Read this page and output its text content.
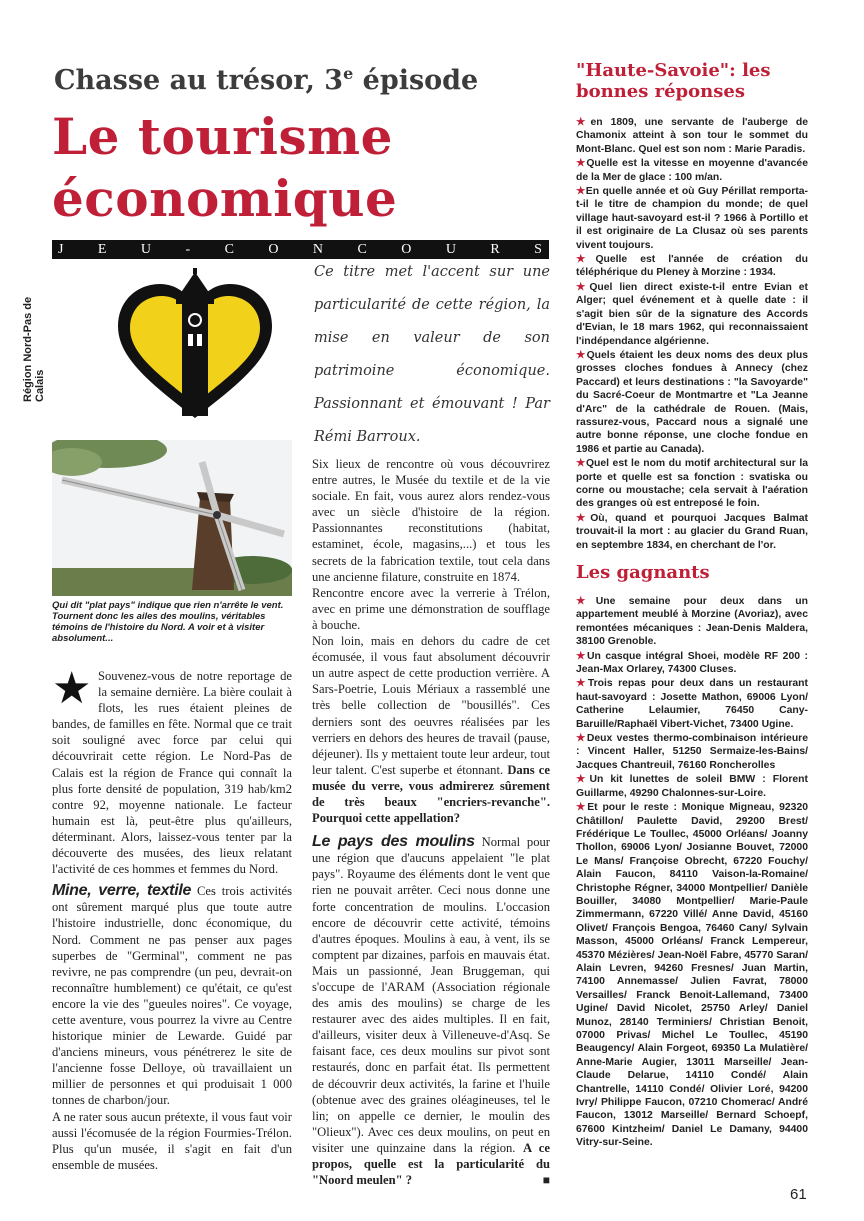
Chasse au trésor, 3e épisode
Le tourisme
économique
J E U - C O N C O U R S
Région Nord-Pas de Calais
Ce titre met l'accent sur une particularité de cette région, la mise en valeur de son patrimoine économique. Passionnant et émouvant ! Par Rémi Barroux.
Qui dit "plat pays" indique que rien n'arrête le vent. Tournent donc les ailes des moulins, véritables témoins de l'histoire du Nord. A voir et à visiter absolument...

★ Souvenez-vous de notre reportage de la semaine dernière. La bière coulait à flots, les rues étaient pleines de bandes, de familles en fête. Normal que ce trait soit souligné avec force par celui qui découvrirait cette région. Le Nord-Pas de Calais est la région de France qui connaît la plus forte densité de population, 319 hab/km2 contre 92, moyenne nationale. Le facteur humain est là, peut-être plus qu'ailleurs, déterminant. Alors, laissez-vous tenter par la découverte des musées, des lieux relatant l'activité de ces hommes et femmes du Nord.

Mine, verre, textile Ces trois activités ont sûrement marqué plus que toute autre l'histoire industrielle, donc économique, du Nord. Comment ne pas penser aux pages superbes de "Germinal", comment ne pas revivre, ne pas comprendre (un peu, devrait-on reconnaître humblement) ce qu'était, ce qu'est encore la vie des "gueules noires". Ce voyage, cette aventure, vous pourrez la vivre au Centre historique minier de Lewarde. Guidé par d'anciens mineurs, vous pénétrerez le site de l'ancienne fosse Delloye, où travaillaient un millier de personnes et qui produisait 1 000 tonnes de charbon/jour.

A ne rater sous aucun prétexte, il vous faut voir aussi l'écomusée de la région Fourmies-Trélon. Plus qu'un musée, il s'agit en fait d'un ensemble de musées.

Six lieux de rencontre où vous découvrirez entre autres, le Musée du textile et de la vie sociale. En fait, vous aurez alors rendez-vous avec un siècle d'histoire de la région. Passionnantes reconstitutions (habitat, estaminet, école, magasins,...) et tous les secrets de la fabrication textile, tout cela dans une ancienne filature, construite en 1874.

Rencontre encore avec la verrerie à Trélon, avec en prime une démonstration de soufflage à bouche.

Non loin, mais en dehors du cadre de cet écomusée, il vous faut absolument découvrir un autre aspect de cette production verrière. A Sars-Poetrie, Louis Mériaux a rassemblé une très belle collection de "bousillés". Ces derniers sont des oeuvres réalisées par les verriers en dehors des heures de travail (pause, déjeuner). Ils y mettaient toute leur ardeur, tout leur talent. C'est superbe et étonnant. Dans ce musée du verre, vous admirerez sûrement de très beaux "encriers-revanche". Pourquoi cette appellation?

Le pays des moulins Normal pour une région que d'aucuns appelaient "le plat pays". Royaume des éléments dont le vent que rien ne pouvait arrêter. Ceci nous donne une forte concentration de moulins. L'occasion encore de découvrir cette activité, témoins d'autres époques. Moulins à eau, à vent, ils se comptent par dizaines, parfois en mauvais état. Mais un passionné, Jean Bruggeman, qui s'occupe de l'ARAM (Association régionale des amis des moulins) se charge de les restaurer avec des aides multiples. Il en fait, d'ailleurs, visiter deux à Villeneuve-d'Asq. Se faisant face, ces deux moulins sur pivot sont restaurés, donc en parfait état. Ils permettent de découvrir deux activités, la farine et l'huile (obtenue avec des graines oléagineuses, tel le lin; on appelle ce dernier, le moulin des "Olieux"). Avec ces deux moulins, on peut en visiter une quinzaine dans la région. A ce propos, quelle est la particularité du "Noord meulen" ?	■

"Haute-Savoie": les bonnes réponses

★en 1809, une servante de l'auberge de Chamonix atteint à son tour le sommet du Mont-Blanc. Quel est son nom : Marie Paradis.

★Quelle est la vitesse en moyenne d'avancée de la Mer de glace : 100 m/an.

★En quelle année et où Guy Périllat remporta-t-il le titre de champion du monde; de quel village haut-savoyard est-il ? 1966 à Portillo et il est originaire de La Clusaz où ses parents vivent toujours.

★Quelle est l'année de création du téléphérique du Pleney à Morzine : 1934.

★Quel lien direct existe-t-il entre Evian et Alger; quel événement et à quelle date : il s'agit bien sûr de la signature des Accords d'Evian, le 18 mars 1962, qui reconnaissaient l'indépendance algérienne.

★Quels étaient les deux noms des deux plus grosses cloches fondues à Annecy (chez Paccard) et leurs destinations : "la Savoyarde" du Sacré-Coeur de Montmartre et "La Jeanne d'Arc" de la cathédrale de Rouen. (Mais, rassurez-vous, Paccard nous a signalé une autre bonne réponse, une cloche fondue en 1986 et partie au Canada).

★Quel est le nom du motif architectural sur la porte et quelle est sa fonction : svatiska ou corne ou moustache; cela servait à l'aération des granges où est entreposé le foin.

★Où, quand et pourquoi Jacques Balmat trouvait-il la mort : au glacier du Grand Ruan, en septembre 1834, en cherchant de l'or.

Les gagnants

★Une semaine pour deux dans un appartement meublé à Morzine (Avoriaz), avec remontées mécaniques : Jean-Denis Maldera, 38100 Grenoble.

★Un casque intégral Shoei, modèle RF 200 : Jean-Max Orlarey, 74300 Cluses.

★Trois repas pour deux dans un restaurant haut-savoyard : Josette Mathon, 69006 Lyon/ Catherine Lelaumier, 76450 Cany-Baruille/Raphaël Vibert-Vichet, 73400 Ugine.

★Deux vestes thermo-combinaison intérieure : Vincent Haller, 51250 Sermaize-les-Bains/ Jacques Chantreuil, 76160 Roncherolles

★Un kit lunettes de soleil BMW : Florent Guillarme, 49290 Chalonnes-sur-Loire.

★Et pour le reste : Monique Migneau, 92320 Châtillon/ Paulette David, 29200 Brest/ Frédérique Le Toullec, 45000 Orléans/ Joanny Thollon, 69006 Lyon/ Josianne Bouvet, 72000 Le Mans/ Françoise Obrecht, 67220 Fouchy/ Alain Faucon, 84110 Vaison-la-Romaine/ Christophe Régner, 34000 Montpellier/ Danièle Bouiller, 34080 Montpellier/ Marie-Paule Zimmermann, 67220 Villé/ Anne David, 45160 Olivet/ François Bengoa, 76460 Cany/ Sylvain Masson, 45000 Orléans/ Franck Lempereur, 45370 Mézières/ Jean-Noël Fabre, 45770 Saran/ Alain Levren, 94260 Fresnes/ Juan Martin, 74100 Annemasse/ Julien Favrat, 78000 Versailles/ Franck Benoit-Lallemand, 73400 Ugine/ David Nicolet, 25750 Arley/ Daniel Munoz, 28140 Terminiers/ Christian Benoit, 07000 Privas/ Michel Le Toullec, 45190 Beaugency/ Alain Forgeot, 69350 La Mulatière/ Anne-Marie Augier, 13011 Marseille/ Jean-Claude Delarue, 14110 Condé/ Alain Chantrelle, 14110 Condé/ Olivier Loré, 94200 Ivry/ Philippe Faucon, 07210 Chomerac/ André Faucon, 13012 Marseille/ Bernard Schoepf, 67600 Kintzheim/ Daniel Le Damany, 94400 Vitry-sur-Seine.

61
